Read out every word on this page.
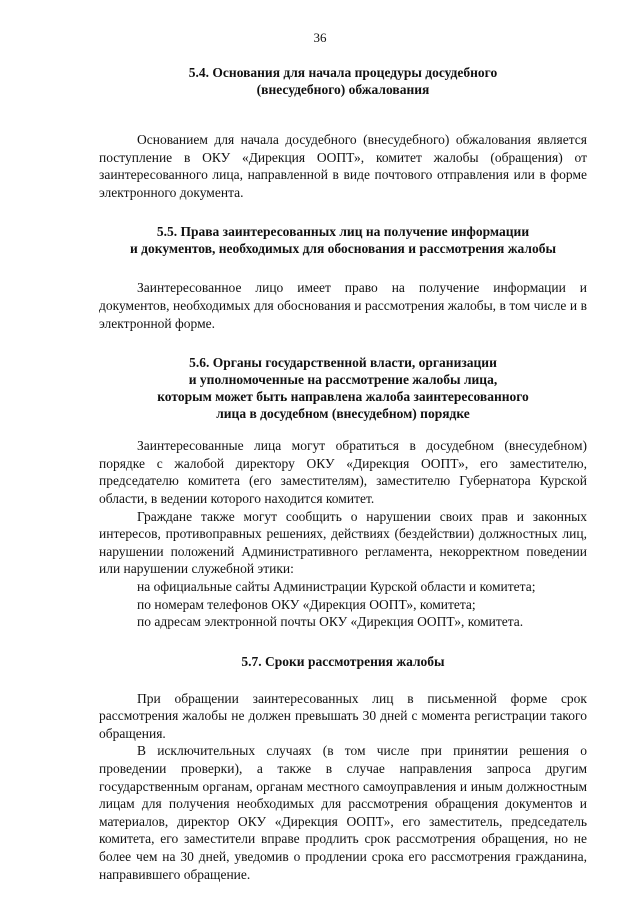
36
5.4. Основания для начала процедуры досудебного
(внесудебного) обжалования

Основанием для начала досудебного (внесудебного) обжалования является поступление в ОКУ «Дирекция ООПТ», комитет жалобы (обращения) от заинтересованного лица, направленной в виде почтового отправления или в форме электронного документа.

5.5. Права заинтересованных лиц на получение информации
и документов, необходимых для обоснования и рассмотрения жалобы

Заинтересованное лицо имеет право на получение информации и документов, необходимых для обоснования и рассмотрения жалобы, в том числе и в электронной форме.

5.6. Органы государственной власти, организации
и уполномоченные на рассмотрение жалобы лица,
которым может быть направлена жалоба заинтересованного
лица в досудебном (внесудебном) порядке

Заинтересованные лица могут обратиться в досудебном (внесудебном) порядке с жалобой директору ОКУ «Дирекция ООПТ», его заместителю, председателю комитета (его заместителям), заместителю Губернатора Курской области, в ведении которого находится комитет.

Граждане также могут сообщить о нарушении своих прав и законных интересов, противоправных решениях, действиях (бездействии) должностных лиц, нарушении положений Административного регламента, некорректном поведении или нарушении служебной этики:

на официальные сайты Администрации Курской области и комитета;

по номерам телефонов ОКУ «Дирекция ООПТ», комитета;

по адресам электронной почты ОКУ «Дирекция ООПТ», комитета.

5.7. Сроки рассмотрения жалобы

При обращении заинтересованных лиц в письменной форме срок рассмотрения жалобы не должен превышать 30 дней с момента регистрации такого обращения.

В исключительных случаях (в том числе при принятии решения о проведении проверки), а также в случае направления запроса другим государственным органам, органам местного самоуправления и иным должностным лицам для получения необходимых для рассмотрения обращения документов и материалов, директор ОКУ «Дирекция ООПТ», его заместитель, председатель комитета, его заместители вправе продлить срок рассмотрения обращения, но не более чем на 30 дней, уведомив о продлении срока его рассмотрения гражданина, направившего обращение.
